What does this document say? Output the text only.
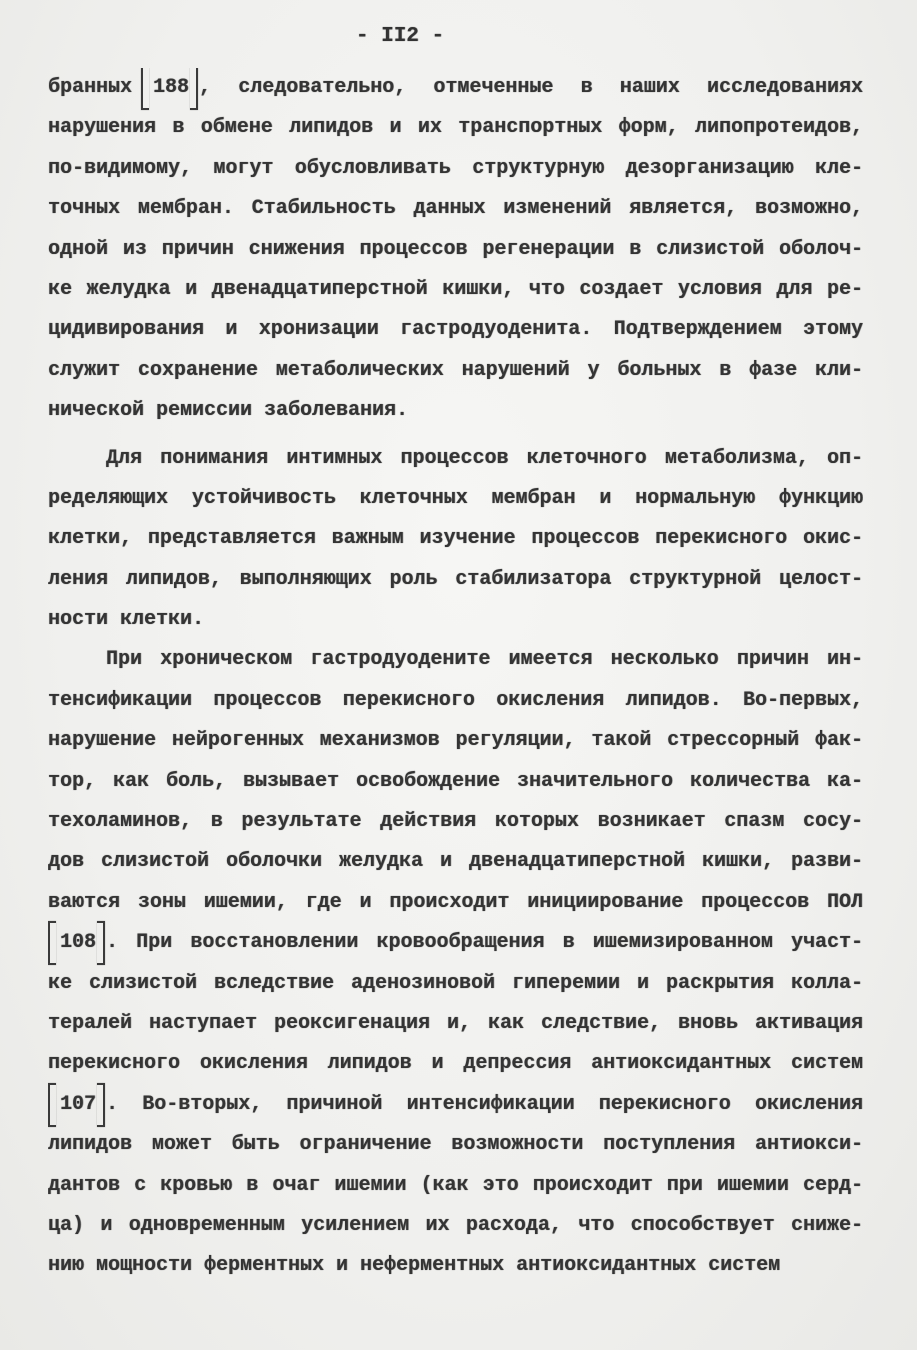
- II2 -
бранных 188 , следовательно, отмеченные в наших исследованиях
нарушения в обмене липидов и их транспортных форм, липопротеидов,
по-видимому, могут обусловливать структурную дезорганизацию кле-
точных мембран. Стабильность данных изменений является, возможно,
одной из причин снижения процессов регенерации в слизистой оболоч-
ке желудка и двенадцатиперстной кишки, что создает условия для ре-
цидивирования и хронизации гастродуоденита. Подтверждением этому
служит сохранение метаболических нарушений у больных в фазе кли-
нической ремиссии заболевания.
Для понимания интимных процессов клеточного метаболизма, оп-
ределяющих устойчивость клеточных мембран и нормальную функцию
клетки, представляется важным изучение процессов перекисного окис-
ления липидов, выполняющих роль стабилизатора структурной целост-
ности клетки.
При хроническом гастродуодените имеется несколько причин ин-
тенсификации процессов перекисного окисления липидов. Во-первых,
нарушение нейрогенных механизмов регуляции, такой стрессорный фак-
тор, как боль, вызывает освобождение значительного количества ка-
техоламинов, в результате действия которых возникает спазм сосу-
дов слизистой оболочки желудка и двенадцатиперстной кишки, разви-
ваются зоны ишемии, где и происходит инициирование процессов ПОЛ
108 . При восстановлении кровообращения в ишемизированном участ-
ке слизистой вследствие аденозиновой гиперемии и раскрытия колла-
тералей наступает реоксигенация и, как следствие, вновь активация
перекисного окисления липидов и депрессия антиоксидантных систем
107 . Во-вторых, причиной интенсификации перекисного окисления
липидов может быть ограничение возможности поступления антиокси-
дантов с кровью в очаг ишемии (как это происходит при ишемии серд-
ца) и одновременным усилением их расхода, что способствует сниже-
нию мощности ферментных и неферментных антиоксидантных систем
